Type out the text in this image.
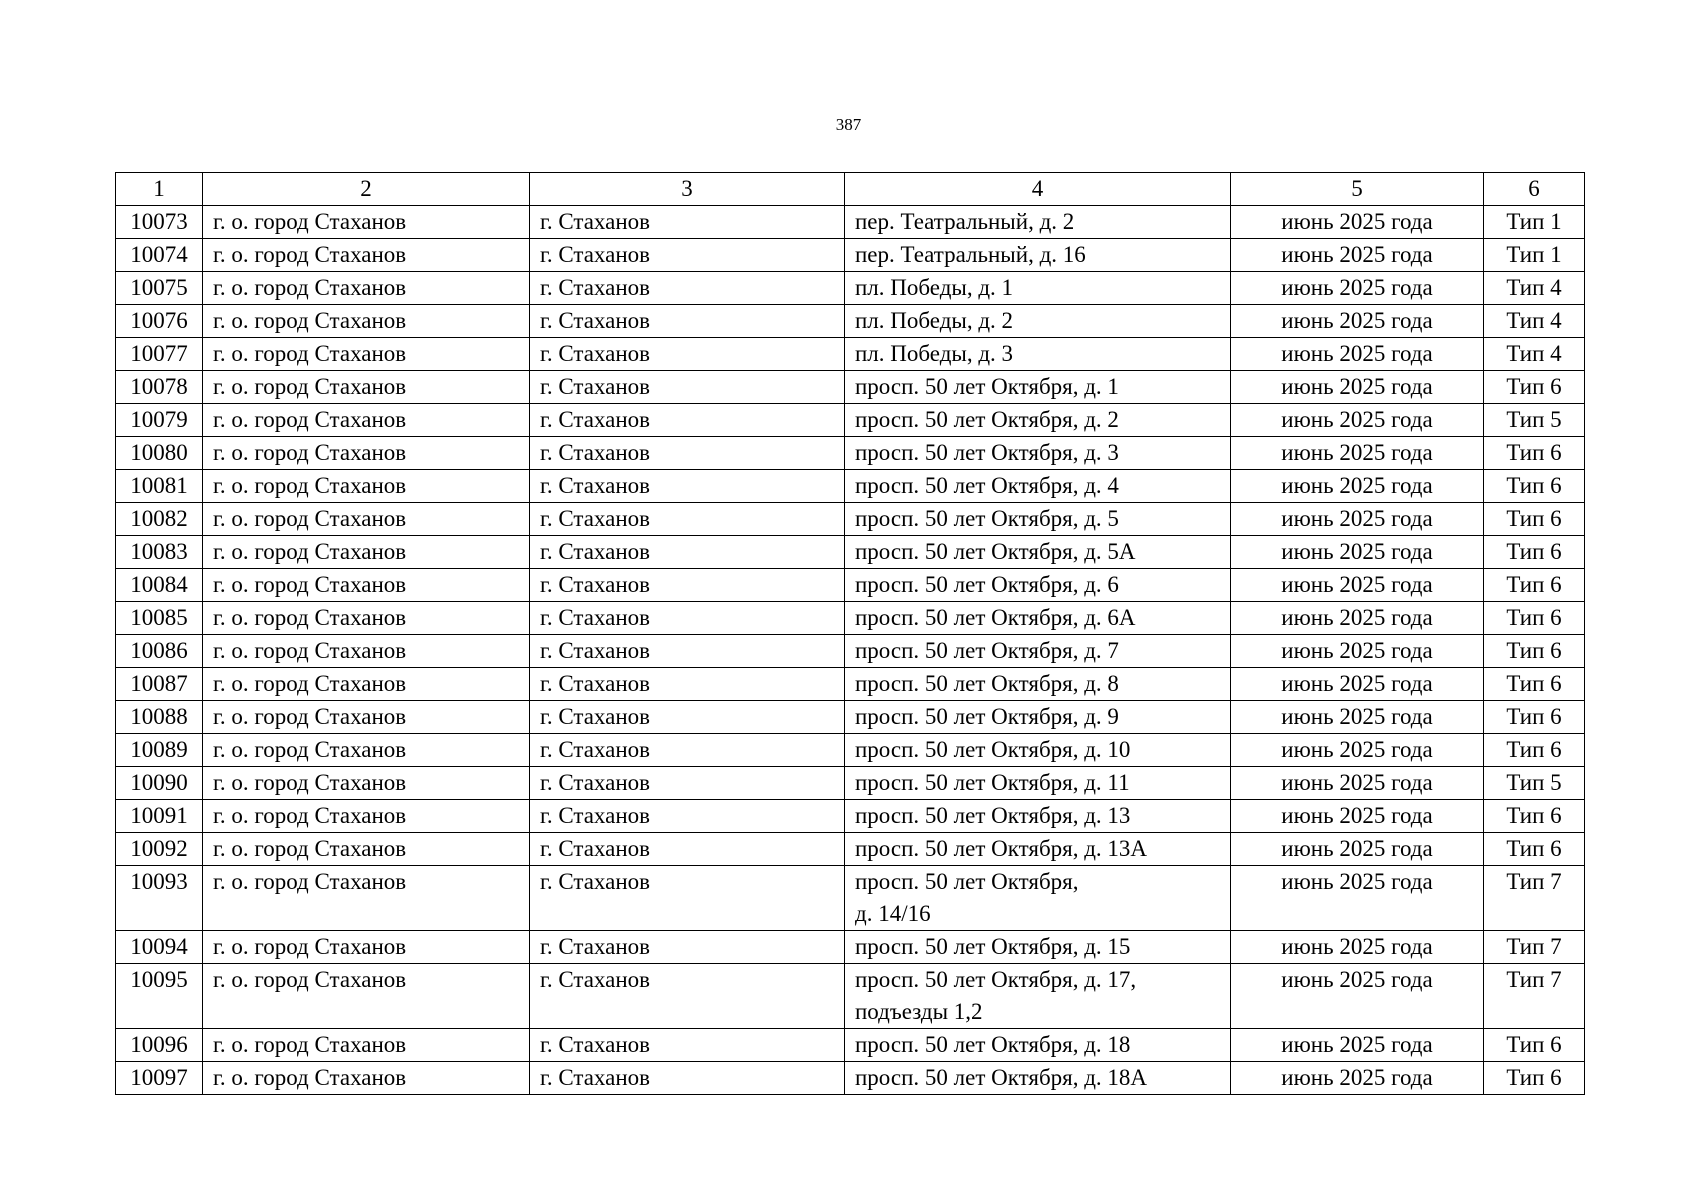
387
1	2	3	4	5	6
10073	г. о. город Стаханов	г. Стаханов	пер. Театральный, д. 2	июнь 2025 года	Тип 1
10074	г. о. город Стаханов	г. Стаханов	пер. Театральный, д. 16	июнь 2025 года	Тип 1
10075	г. о. город Стаханов	г. Стаханов	пл. Победы, д. 1	июнь 2025 года	Тип 4
10076	г. о. город Стаханов	г. Стаханов	пл. Победы, д. 2	июнь 2025 года	Тип 4
10077	г. о. город Стаханов	г. Стаханов	пл. Победы, д. 3	июнь 2025 года	Тип 4
10078	г. о. город Стаханов	г. Стаханов	просп. 50 лет Октября, д. 1	июнь 2025 года	Тип 6
10079	г. о. город Стаханов	г. Стаханов	просп. 50 лет Октября, д. 2	июнь 2025 года	Тип 5
10080	г. о. город Стаханов	г. Стаханов	просп. 50 лет Октября, д. 3	июнь 2025 года	Тип 6
10081	г. о. город Стаханов	г. Стаханов	просп. 50 лет Октября, д. 4	июнь 2025 года	Тип 6
10082	г. о. город Стаханов	г. Стаханов	просп. 50 лет Октября, д. 5	июнь 2025 года	Тип 6
10083	г. о. город Стаханов	г. Стаханов	просп. 50 лет Октября, д. 5А	июнь 2025 года	Тип 6
10084	г. о. город Стаханов	г. Стаханов	просп. 50 лет Октября, д. 6	июнь 2025 года	Тип 6
10085	г. о. город Стаханов	г. Стаханов	просп. 50 лет Октября, д. 6А	июнь 2025 года	Тип 6
10086	г. о. город Стаханов	г. Стаханов	просп. 50 лет Октября, д. 7	июнь 2025 года	Тип 6
10087	г. о. город Стаханов	г. Стаханов	просп. 50 лет Октября, д. 8	июнь 2025 года	Тип 6
10088	г. о. город Стаханов	г. Стаханов	просп. 50 лет Октября, д. 9	июнь 2025 года	Тип 6
10089	г. о. город Стаханов	г. Стаханов	просп. 50 лет Октября, д. 10	июнь 2025 года	Тип 6
10090	г. о. город Стаханов	г. Стаханов	просп. 50 лет Октября, д. 11	июнь 2025 года	Тип 5
10091	г. о. город Стаханов	г. Стаханов	просп. 50 лет Октября, д. 13	июнь 2025 года	Тип 6
10092	г. о. город Стаханов	г. Стаханов	просп. 50 лет Октября, д. 13А	июнь 2025 года	Тип 6
10093	г. о. город Стаханов	г. Стаханов	просп. 50 лет Октября,
д. 14/16	июнь 2025 года	Тип 7
10094	г. о. город Стаханов	г. Стаханов	просп. 50 лет Октября, д. 15	июнь 2025 года	Тип 7
10095	г. о. город Стаханов	г. Стаханов	просп. 50 лет Октября, д. 17,
подъезды 1,2	июнь 2025 года	Тип 7
10096	г. о. город Стаханов	г. Стаханов	просп. 50 лет Октября, д. 18	июнь 2025 года	Тип 6
10097	г. о. город Стаханов	г. Стаханов	просп. 50 лет Октября, д. 18А	июнь 2025 года	Тип 6
